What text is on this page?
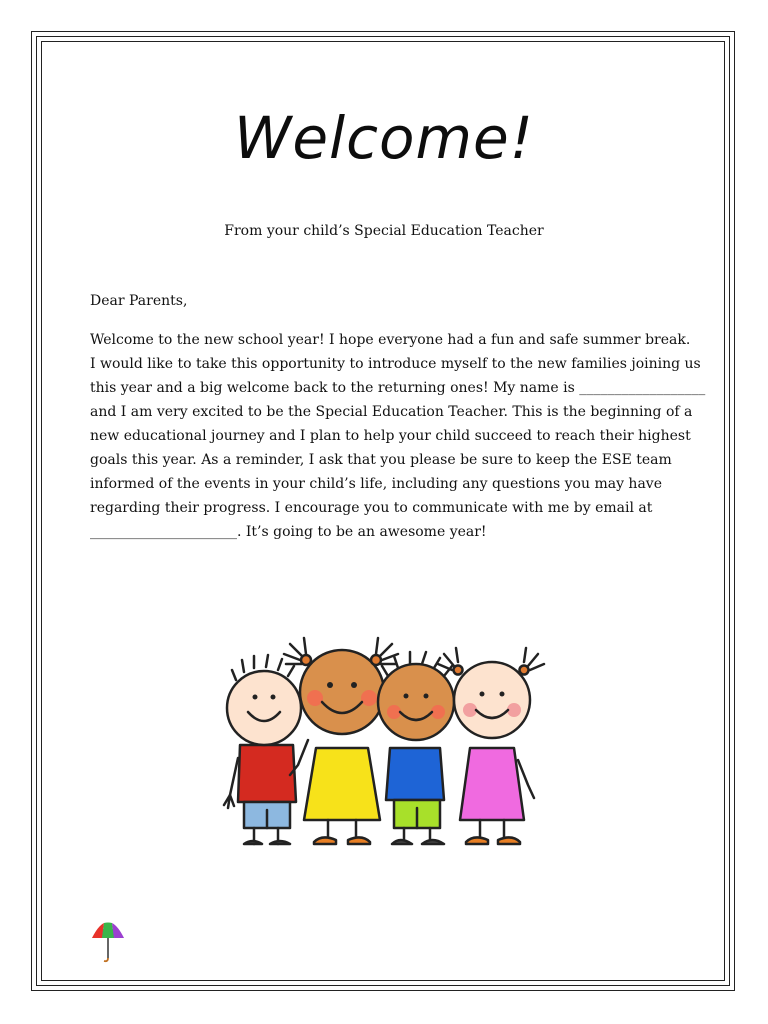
Welcome!
From your child’s Special Education Teacher
Dear Parents,
Welcome to the new school year! I hope everyone had a fun and safe summer break.
I would like to take this opportunity to introduce myself to the new families joining us
this year and a big welcome back to the returning ones! My name is __________________
and I am very excited to be the Special Education Teacher. This is the beginning of a
new educational journey and I plan to help your child succeed to reach their highest
goals this year. As a reminder, I ask that you please be sure to keep the ESE team
informed of the events in your child’s life, including any questions you may have
regarding their progress. I encourage you to communicate with me by email at
_____________________. It’s going to be an awesome year!
